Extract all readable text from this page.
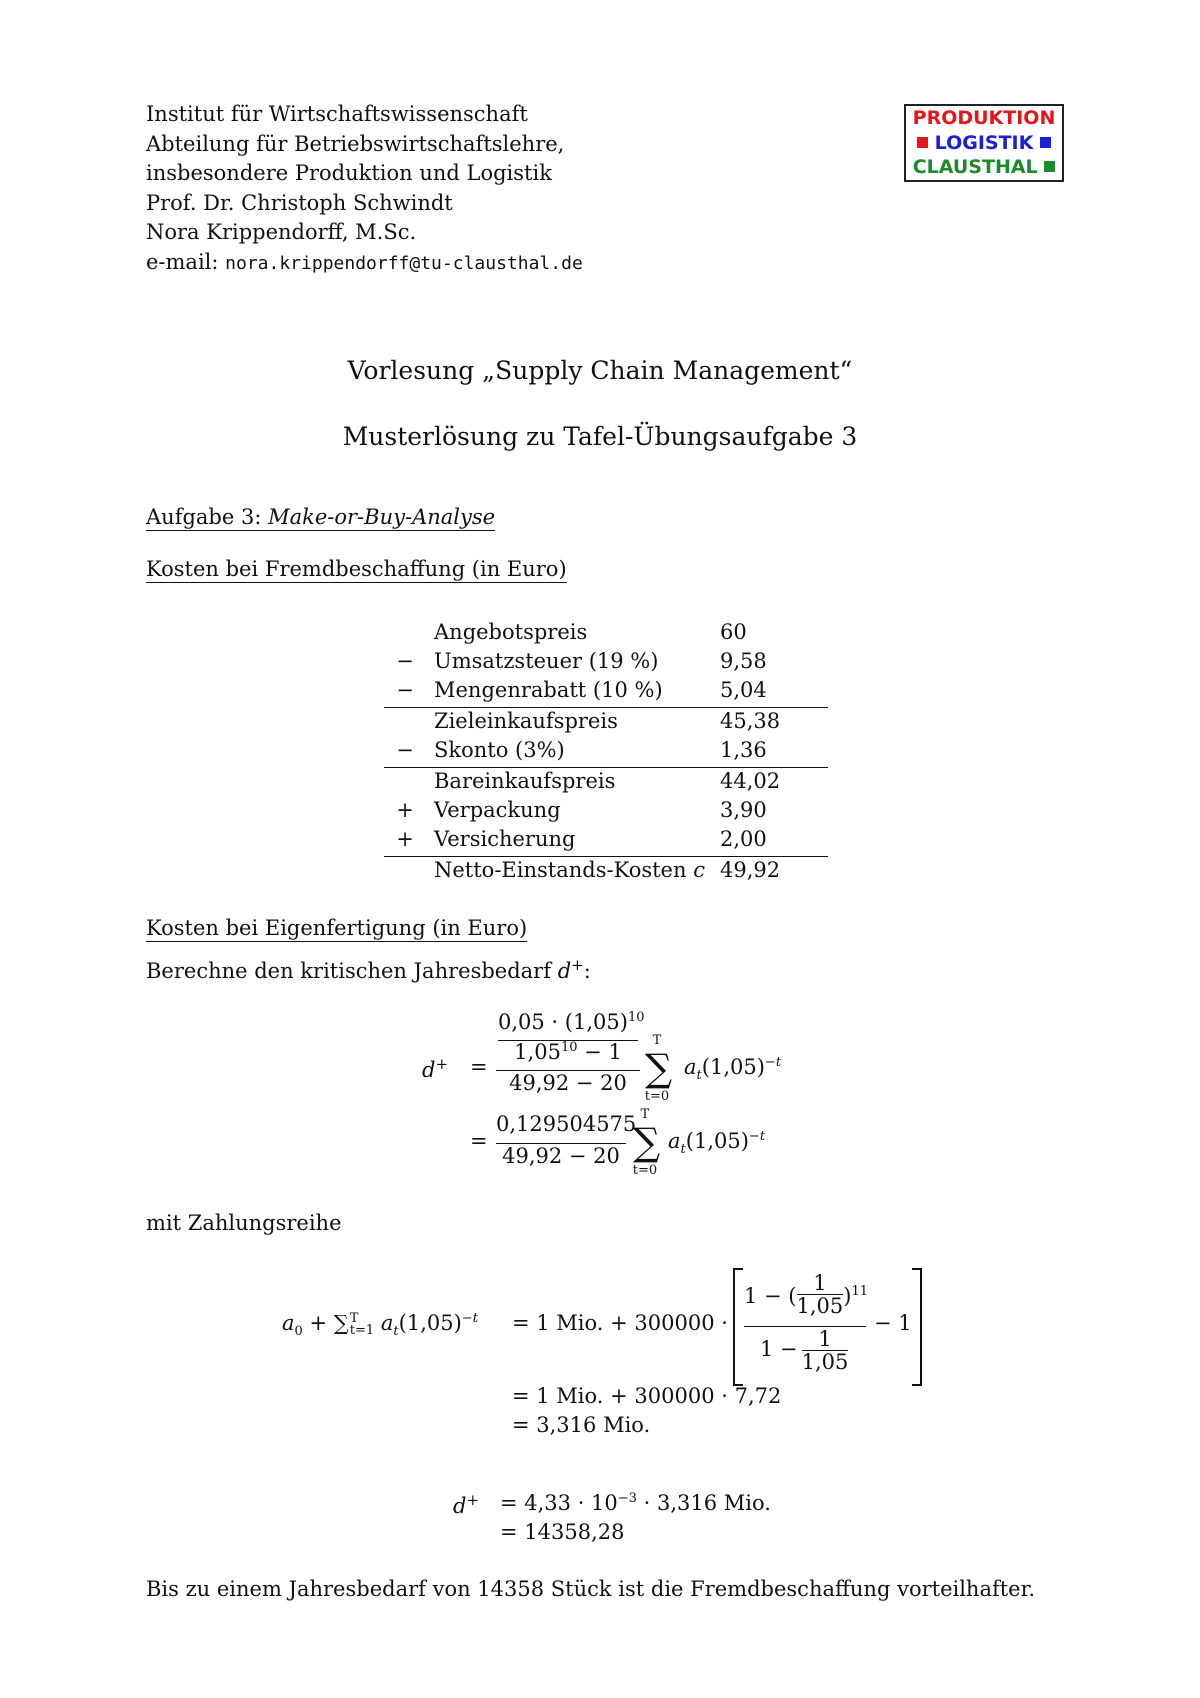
Institut für Wirtschaftswissenschaft
Abteilung für Betriebswirtschaftslehre,
insbesondere Produktion und Logistik
Prof. Dr. Christoph Schwindt
Nora Krippendorff, M.Sc.
e-mail: nora.krippendorff@tu-clausthal.de
PRODUKTION
LOGISTIK
CLAUSTHAL
Vorlesung „Supply Chain Management“
Musterlösung zu Tafel-Übungsaufgabe 3
Aufgabe 3: Make-or-Buy-Analyse
Kosten bei Fremdbeschaffung (in Euro)
Angebotspreis	60
− Umsatzsteuer (19 %)	9,58
− Mengenrabatt (10 %)	5,04
Zieleinkaufspreis	45,38
− Skonto (3%)	1,36
Bareinkaufspreis	44,02
+ Verpackung	3,90
+ Versicherung	2,00
Netto-Einstands-Kosten c 49,92
Kosten bei Eigenfertigung (in Euro)
Berechne den kritischen Jahresbedarf d+:
d+ =
$0,05 \cdot (1,05)^{10}$
$1,05^{10} - 1$
49,92 − 20
T
∑
t=0
$a_t(1,05)^{-t}$
=
0,129504575
49,92 − 20
T
∑
t=0
$a_t(1,05)^{-t}$
mit Zahlungsreihe
$a_0$ + ∑ T
t=1 $a_t(1,05)^{-t} = 1$ Mio. + 300000 ·
1 − ( $\frac{1}{1,05} )^{11}$
$1 - \frac{1}{1,05}$
− 1
= 1 Mio. + 300000 · 7,72
= 3,316 Mio.
$d^+ = 4,33 \cdot 10^{-3} \cdot 3,316$ Mio.
= 14358,28
Bis zu einem Jahresbedarf von 14358 Stück ist die Fremdbeschaffung vorteilhafter.
